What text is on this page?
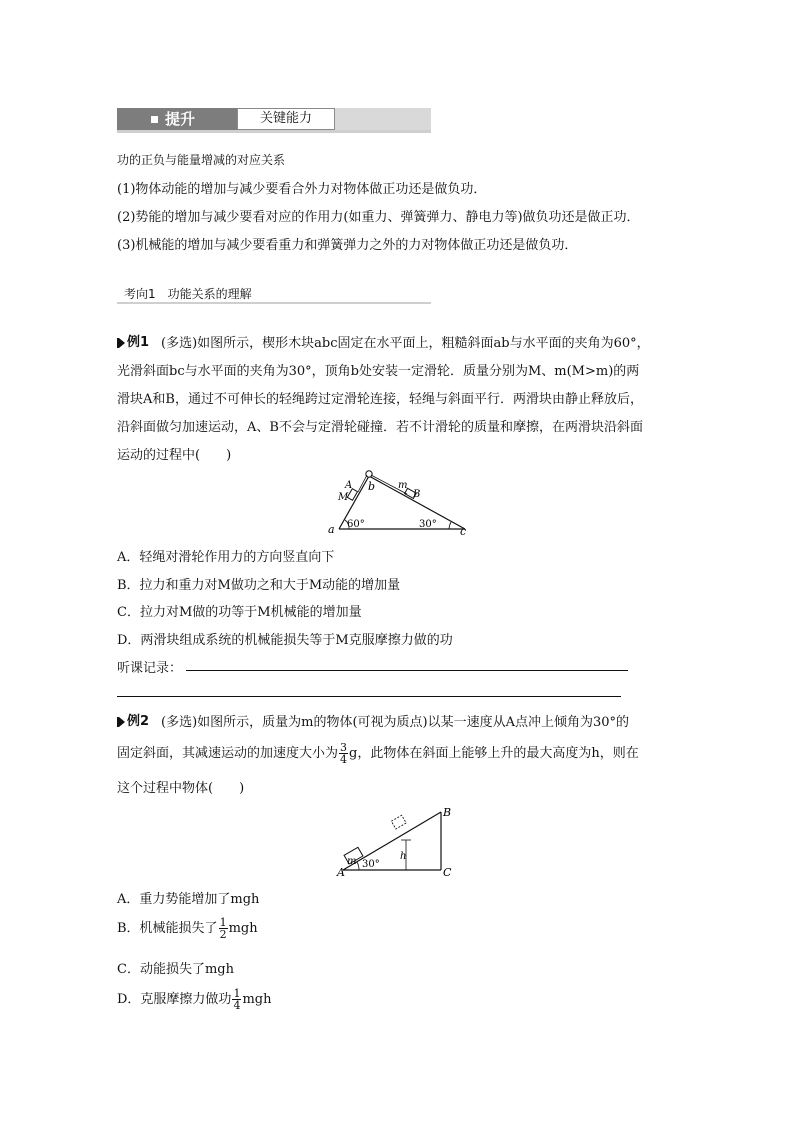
提升	关键能力
功的正负与能量增减的对应关系
(1)物体动能的增加与减少要看合外力对物体做正功还是做负功．
(2)势能的增加与减少要看对应的作用力(如重力、弹簧弹力、静电力等)做负功还是做正功．
(3)机械能的增加与减少要看重力和弹簧弹力之外的力对物体做正功还是做负功．
考向1　功能关系的理解
例1 (多选)如图所示，楔形木块abc固定在水平面上，粗糙斜面ab与水平面的夹角为60°，
光滑斜面bc与水平面的夹角为30°，顶角b处安装一定滑轮．质量分别为M、m(M>m)的两
滑块A和B，通过不可伸长的轻绳跨过定滑轮连接，轻绳与斜面平行．两滑块由静止释放后，
沿斜面做匀加速运动，A、B不会与定滑轮碰撞．若不计滑轮的质量和摩擦，在两滑块沿斜面
运动的过程中(　　)
a
b
c
A
M
m
B
60°	30°
A．轻绳对滑轮作用力的方向竖直向下
B．拉力和重力对M做功之和大于M动能的增加量
C．拉力对M做的功等于M机械能的增加量
D．两滑块组成系统的机械能损失等于M克服摩擦力做的功
听课记录：
例2 (多选)如图所示，质量为m的物体(可视为质点)以某一速度从A点冲上倾角为30°的
固定斜面，其减速运动的加速度大小为 $\frac{3}{4}$ g，此物体在斜面上能够上升的最大高度为h，则在
这个过程中物体(　　)
A
B
C
m	h
30°
A．重力势能增加了mgh
B．机械能损失了 $\frac{1}{2}$ mgh
C．动能损失了mgh
D．克服摩擦力做功 $\frac{1}{4}$ mgh
